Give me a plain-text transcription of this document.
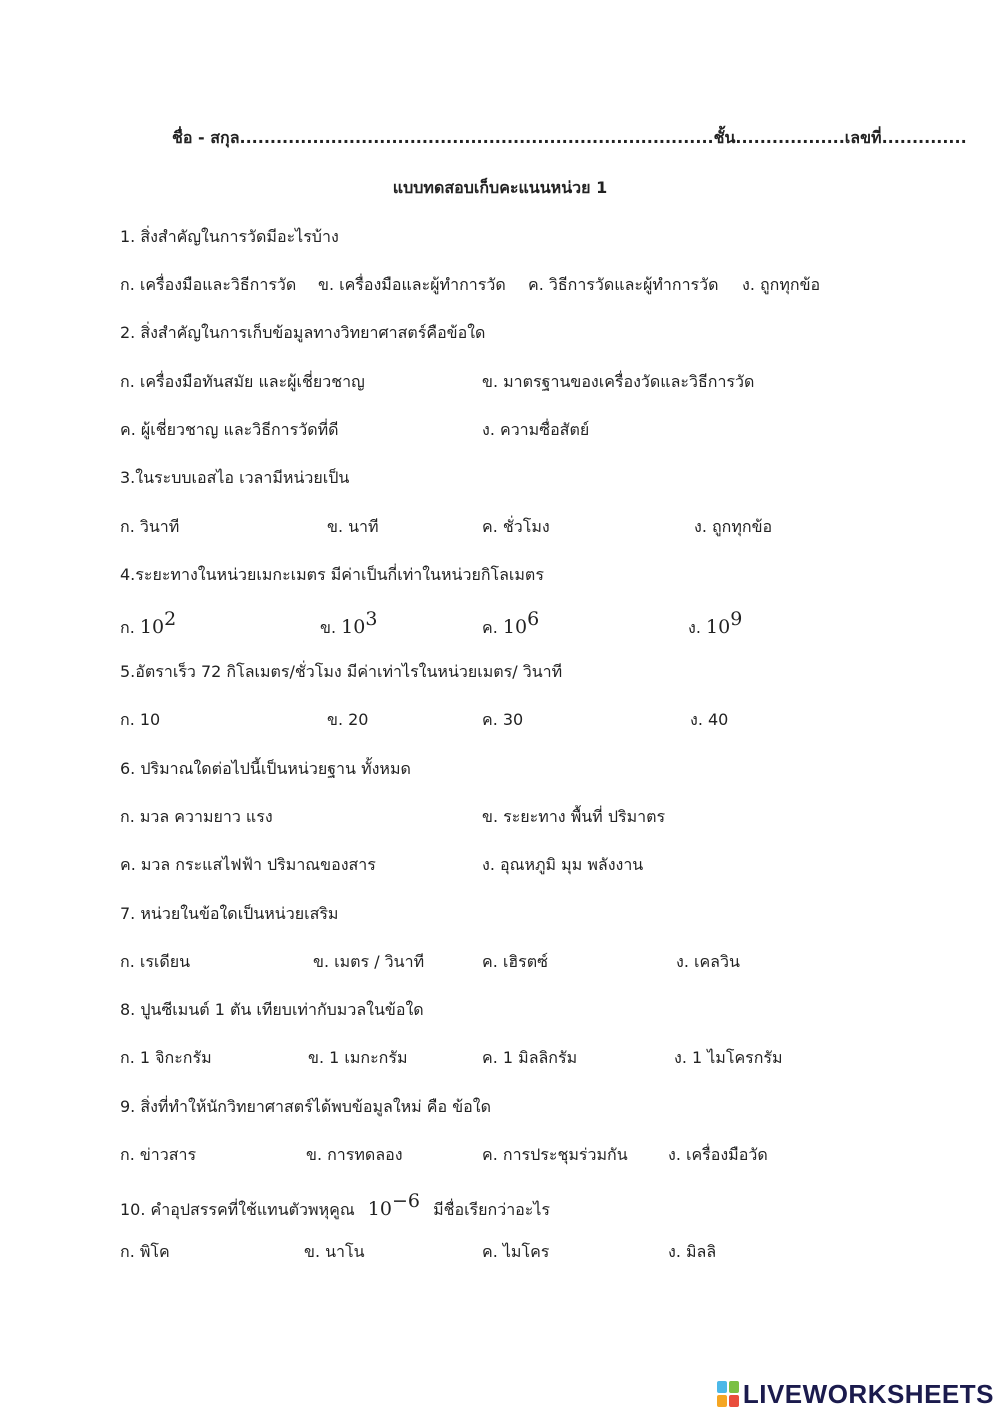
ชื่อ - สกุล..............................................................................ชั้น..................เลขที่..............
แบบทดสอบเก็บคะแนนหน่วย 1
1. สิ่งสำคัญในการวัดมีอะไรบ้าง
ก. เครื่องมือและวิธีการวัด ข. เครื่องมือและผู้ทำการวัด ค. วิธีการวัดและผู้ทำการวัด ง. ถูกทุกข้อ
2. สิ่งสำคัญในการเก็บข้อมูลทางวิทยาศาสตร์คือข้อใด
ก. เครื่องมือทันสมัย และผู้เชี่ยวชาญ	ข. มาตรฐานของเครื่องวัดและวิธีการวัด
ค. ผู้เชี่ยวชาญ และวิธีการวัดที่ดี	ง. ความซื่อสัตย์
3.ในระบบเอสไอ เวลามีหน่วยเป็น
ก. วินาที	ข. นาที	ค. ชั่วโมง	ง. ถูกทุกข้อ
4.ระยะทางในหน่วยเมกะเมตร มีค่าเป็นกี่เท่าในหน่วยกิโลเมตร
ก. $10^2$	ข. $10^3$	ค. $10^6$	ง. $10^9$
5.อัตราเร็ว 72 กิโลเมตร/ชั่วโมง มีค่าเท่าไรในหน่วยเมตร/ วินาที
ก. 10	ข. 20	ค. 30	ง. 40
6. ปริมาณใดต่อไปนี้เป็นหน่วยฐาน ทั้งหมด
ก. มวล ความยาว แรง	ข. ระยะทาง พื้นที่ ปริมาตร
ค. มวล กระแสไฟฟ้า ปริมาณของสาร	ง. อุณหภูมิ มุม พลังงาน
7. หน่วยในข้อใดเป็นหน่วยเสริม
ก. เรเดียน	ข. เมตร / วินาที	ค. เฮิรตซ์	ง. เคลวิน
8. ปูนซีเมนต์ 1 ตัน เทียบเท่ากับมวลในข้อใด
ก. 1 จิกะกรัม	ข. 1 เมกะกรัม	ค. 1 มิลลิกรัม	ง. 1 ไมโครกรัม
9. สิ่งที่ทำให้นักวิทยาศาสตร์ได้พบข้อมูลใหม่ คือ ข้อใด
ก. ข่าวสาร	ข. การทดลอง	ค. การประชุมร่วมกัน	ง. เครื่องมือวัด
10. คำอุปสรรคที่ใช้แทนตัวพหุคูณ $10^{-6}$ มีชื่อเรียกว่าอะไร
ก. พิโค	ข. นาโน	ค. ไมโคร	ง. มิลลิ
LIVEWORKSHEETS
